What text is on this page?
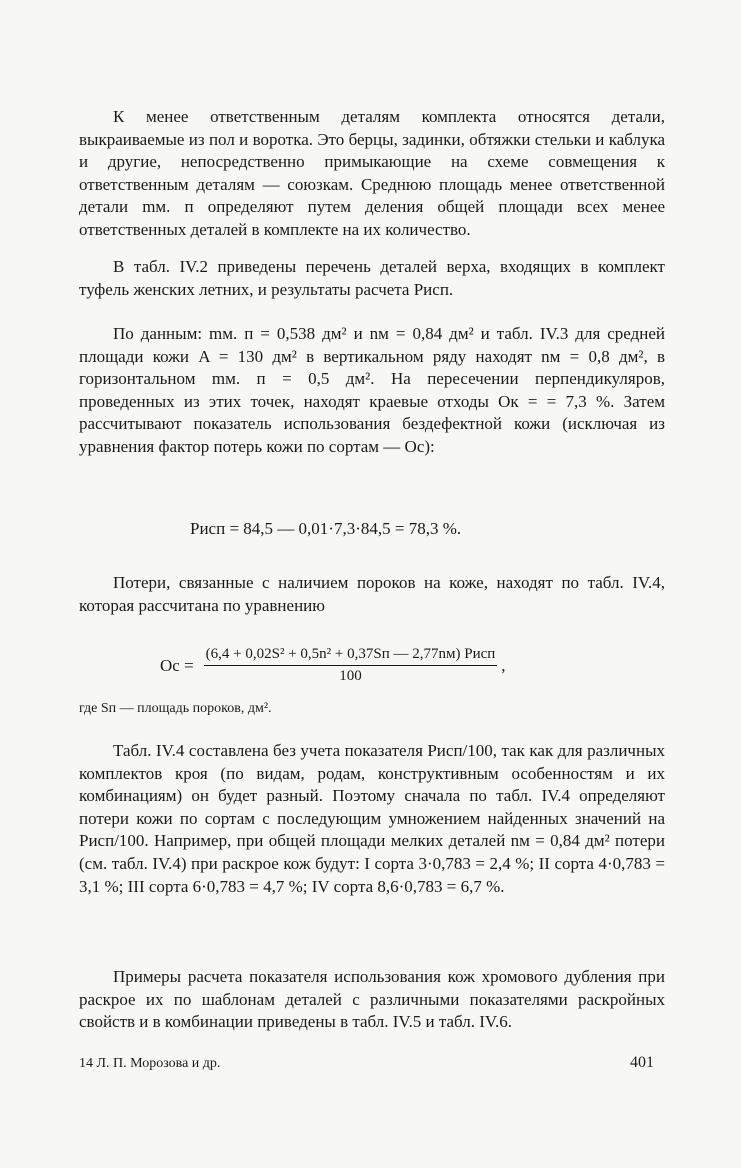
К менее ответственным деталям комплекта относятся детали, выкраиваемые из пол и воротка. Это берцы, задинки, обтяжки стельки и каблука и другие, непосредственно примыкающие на схеме совмещения к ответственным деталям — союзкам. Среднюю площадь менее ответственной детали mм. п определяют путем деления общей площади всех менее ответственных деталей в комплекте на их количество.

В табл. IV.2 приведены перечень деталей верха, входящих в комплект туфель женских летних, и результаты расчета Pисп.

По данным: mм. п = 0,538 дм² и nм = 0,84 дм² и табл. IV.3 для средней площади кожи A = 130 дм² в вертикальном ряду находят nм = 0,8 дм², в горизонтальном mм. п = 0,5 дм². На пересечении перпендикуляров, проведенных из этих точек, находят краевые отходы Oк = = 7,3 %. Затем рассчитывают показатель использования бездефектной кожи (исключая из уравнения фактор потерь кожи по сортам — Oс):

Pисп = 84,5 — 0,01·7,3·84,5 = 78,3 %.

Потери, связанные с наличием пороков на коже, находят по табл. IV.4, которая рассчитана по уравнению

Oс = $\frac{\text{(6,4 + 0,02S² + 0,5n² + 0,37Sп — 2,77nм) Pисп}}{100}$ ,
где Sп — площадь пороков, дм².

Табл. IV.4 составлена без учета показателя Pисп/100, так как для различных комплектов кроя (по видам, родам, конструктивным особенностям и их комбинациям) он будет разный. Поэтому сначала по табл. IV.4 определяют потери кожи по сортам с последующим умножением найденных значений на Pисп/100. Например, при общей площади мелких деталей nм = 0,84 дм² потери (см. табл. IV.4) при раскрое кож будут: I сорта 3·0,783 = 2,4 %; II сорта 4·0,783 = 3,1 %; III сорта 6·0,783 = 4,7 %; IV сорта 8,6·0,783 = 6,7 %.

Примеры расчета показателя использования кож хромового дубления при раскрое их по шаблонам деталей с различными показателями раскройных свойств и в комбинации приведены в табл. IV.5 и табл. IV.6.

14 Л. П. Морозова и др.	401
